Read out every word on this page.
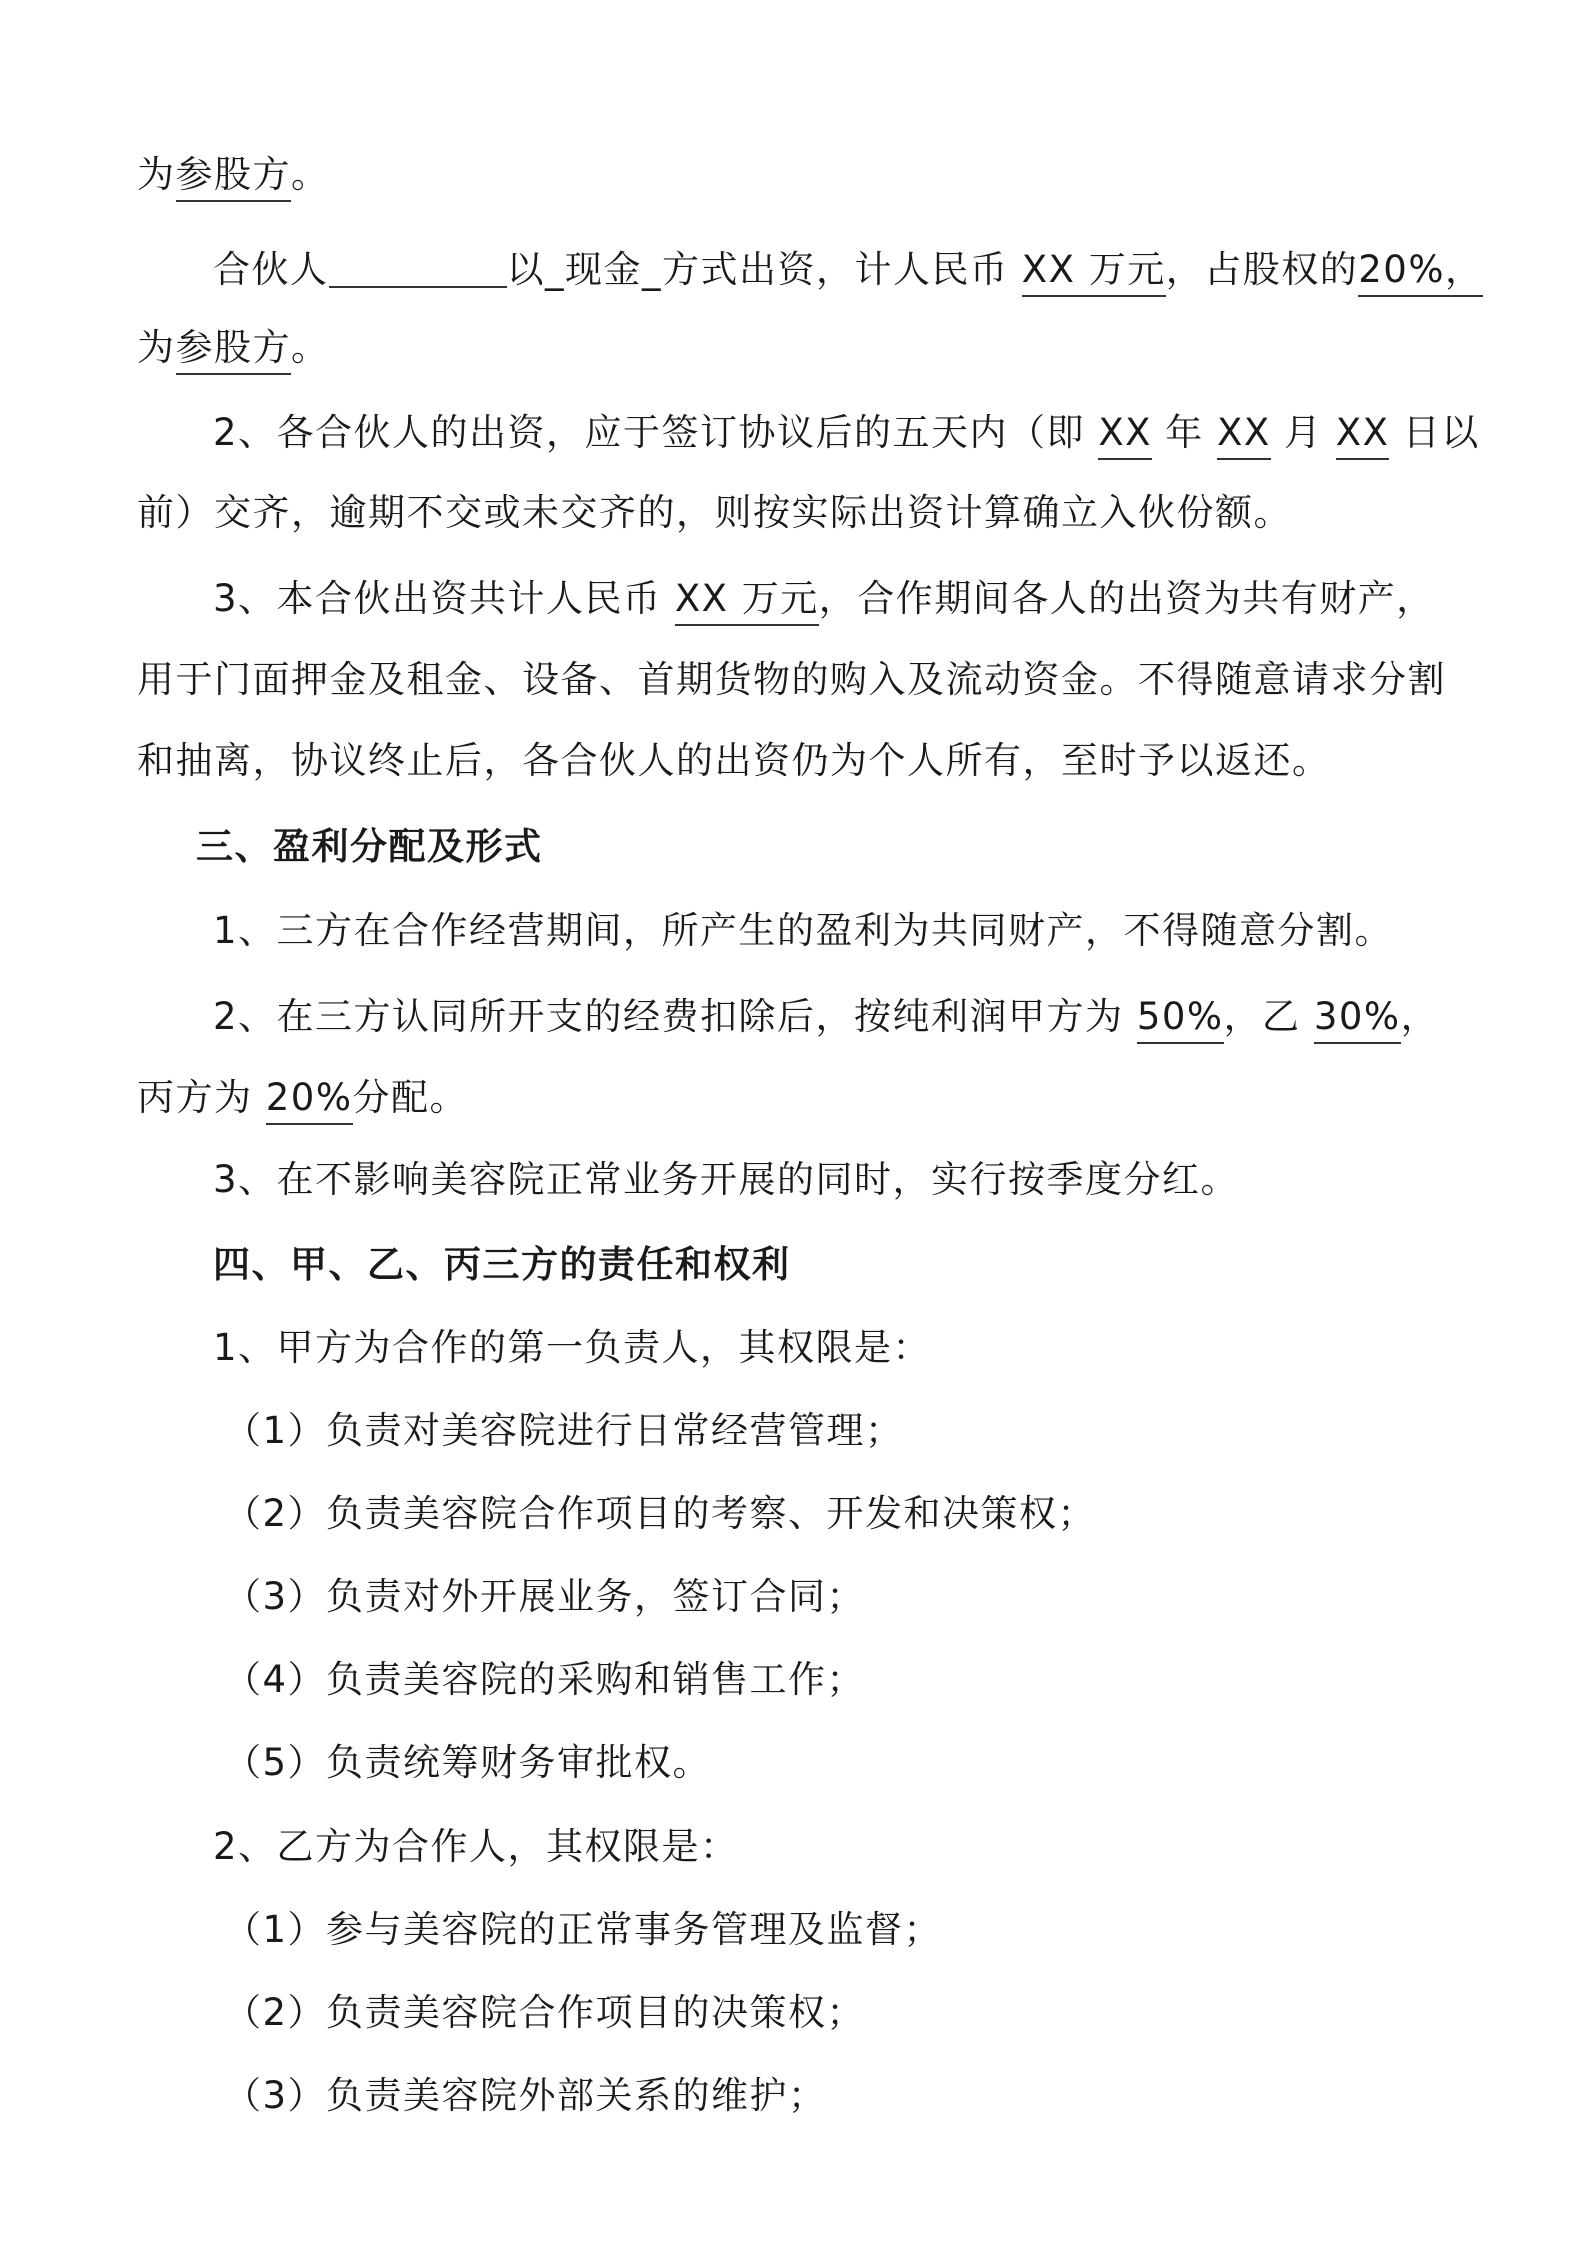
为参股方。
合伙人	以_现金_方式出资，计人民币 XX 万元，占股权的20%，
为参股方。
2、各合伙人的出资，应于签订协议后的五天内（即 XX 年 XX 月 XX 日以
前）交齐，逾期不交或未交齐的，则按实际出资计算确立入伙份额。
3、本合伙出资共计人民币 XX 万元，合作期间各人的出资为共有财产，
用于门面押金及租金、设备、首期货物的购入及流动资金。不得随意请求分割
和抽离，协议终止后，各合伙人的出资仍为个人所有，至时予以返还。
三、盈利分配及形式
1、三方在合作经营期间，所产生的盈利为共同财产，不得随意分割。
2、在三方认同所开支的经费扣除后，按纯利润甲方为 50%，乙 30%，
丙方为 20%分配。
3、在不影响美容院正常业务开展的同时，实行按季度分红。
四、甲、乙、丙三方的责任和权利
1、甲方为合作的第一负责人，其权限是：
（1）负责对美容院进行日常经营管理；
（2）负责美容院合作项目的考察、开发和决策权；
（3）负责对外开展业务，签订合同；
（4）负责美容院的采购和销售工作；
（5）负责统筹财务审批权。
2、乙方为合作人，其权限是：
（1）参与美容院的正常事务管理及监督；
（2）负责美容院合作项目的决策权；
（3）负责美容院外部关系的维护；
